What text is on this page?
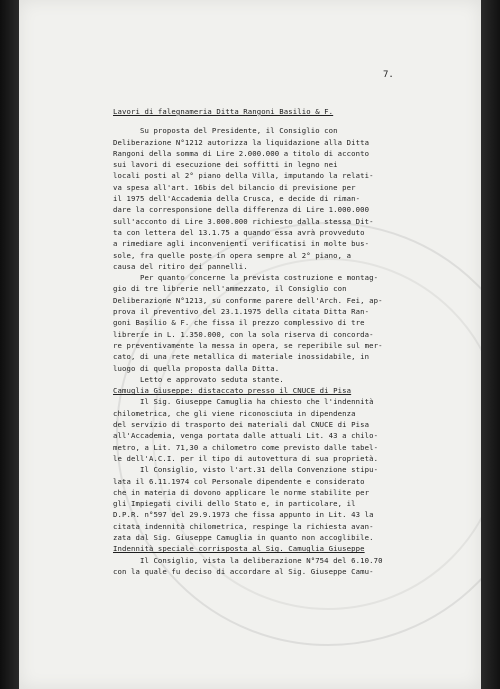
7.
Lavori di falegnameria Ditta Rangoni Basilio & F.
Su proposta del Presidente, il Consiglio con
Deliberazione N°1212 autorizza la liquidazione alla Ditta
Rangoni della somma di Lire 2.000.000 a titolo di acconto
sui lavori di esecuzione dei soffitti in legno nei
locali posti al 2° piano della Villa, imputando la relati-
va spesa all'art. 16bis del bilancio di previsione per
il 1975 dell'Accademia della Crusca, e decide di riman-
dare la corresponsione della differenza di Lire 1.000.000
sull'acconto di Lire 3.000.000 richiesto dalla stessa Dit-
ta con lettera del 13.1.75 a quando essa avrà provveduto
a rimediare agli inconvenienti verificatisi in molte bus-
sole, fra quelle poste in opera sempre al 2° piano, a
causa del ritiro dei pannelli.
Per quanto concerne la prevista costruzione e montag-
gio di tre librerie nell'ammezzato, il Consiglio con
Deliberazione N°1213, su conforme parere dell'Arch. Fei, ap-
prova il preventivo del 23.1.1975 della citata Ditta Ran-
goni Basilio & F. che fissa il prezzo complessivo di tre
librerie in L. 1.350.000, con la sola riserva di concorda-
re preventivamente la messa in opera, se reperibile sul mer-
cato, di una rete metallica di materiale inossidabile, in
luogo di quella proposta dalla Ditta.
Letto e approvato seduta stante.
Camuglia Giuseppe: distaccato presso il CNUCE di Pisa
Il Sig. Giuseppe Camuglia ha chiesto che l'indennità
chilometrica, che gli viene riconosciuta in dipendenza
del servizio di trasporto dei materiali dal CNUCE di Pisa
all'Accademia, venga portata dalle attuali Lit. 43 a chilo-
metro, a Lit. 71,30 a chilometro come previsto dalle tabel-
le dell'A.C.I. per il tipo di autovettura di sua proprietà.
Il Consiglio, visto l'art.31 della Convenzione stipu-
lata il 6.11.1974 col Personale dipendente e considerato
che in materia di dovono applicare le norme stabilite per
gli Impiegati civili dello Stato e, in particolare, il
D.P.R. n°597 del 29.9.1973 che fissa appunto in Lit. 43 la
citata indennità chilometrica, respinge la richiesta avan-
zata dal Sig. Giuseppe Camuglia in quanto non accoglibile.
Indennità speciale corrisposta al Sig. Camuglia Giuseppe
Il Consiglio, vista la deliberazione N°754 del 6.10.70
con la quale fu deciso di accordare al Sig. Giuseppe Camu-
